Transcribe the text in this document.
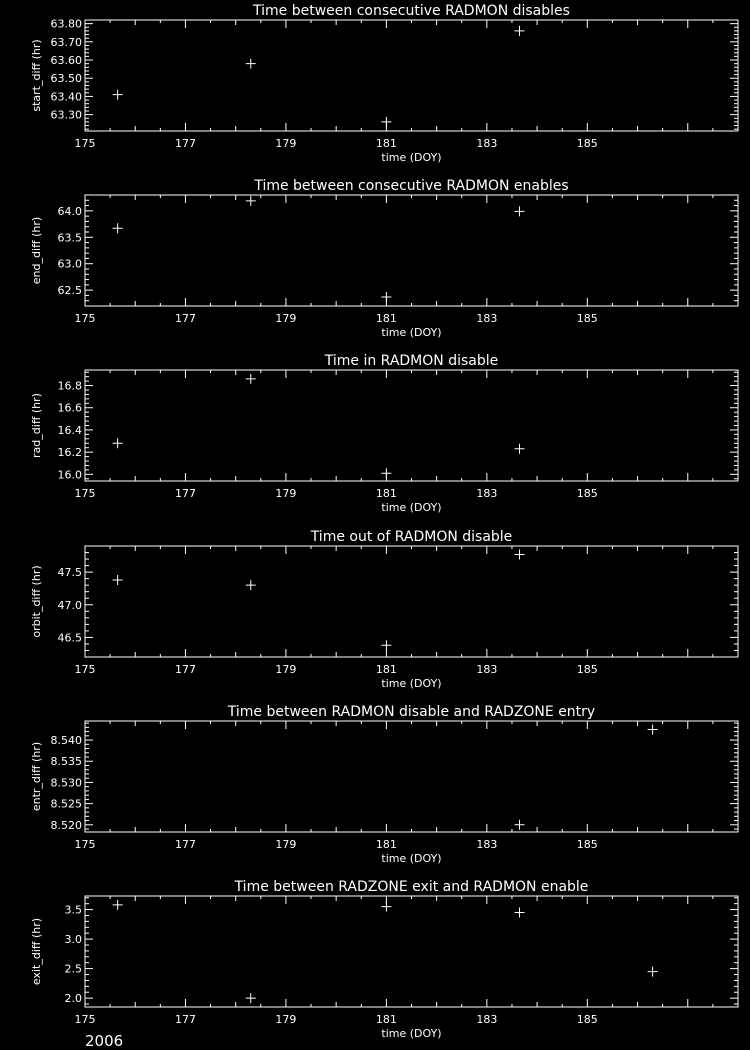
Time between consecutive RADMON disables
175	177	179	181	183	185
time (DOY)
63.30
63.40
63.50
63.60
63.70
63.80
start_diff (hr)
Time between consecutive RADMON enables
175	177	179	181	183	185
time (DOY)
62.5
63.0
63.5
64.0
end_diff (hr)
Time in RADMON disable
175	177	179	181	183	185
time (DOY)
16.0
16.2
16.4
16.6
16.8
rad_diff (hr)
Time out of RADMON disable
175	177	179	181	183	185
time (DOY)
46.5
47.0
47.5
orbit_diff (hr)
Time between RADMON disable and RADZONE entry
175	177	179	181	183	185
time (DOY)
8.520
8.525
8.530
8.535
8.540
entr_diff (hr)
Time between RADZONE exit and RADMON enable
175	177	179	181	183	185
time (DOY)
2.0
2.5
3.0
3.5
exit_diff (hr)
2006
